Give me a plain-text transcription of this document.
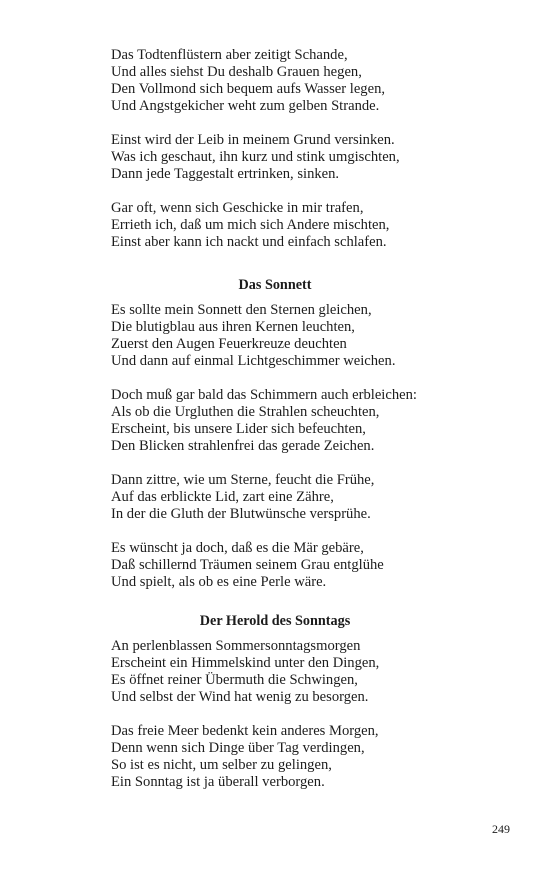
Das Todtenflüstern aber zeitigt Schande,
Und alles siehst Du deshalb Grauen hegen,
Den Vollmond sich bequem aufs Wasser legen,
Und Angstgekicher weht zum gelben Strande.
Einst wird der Leib in meinem Grund versinken.
Was ich geschaut, ihn kurz und stink umgischten,
Dann jede Taggestalt ertrinken, sinken.
Gar oft, wenn sich Geschicke in mir trafen,
Errieth ich, daß um mich sich Andere mischten,
Einst aber kann ich nackt und einfach schlafen.
Das Sonnett
Es sollte mein Sonnett den Sternen gleichen,
Die blutigblau aus ihren Kernen leuchten,
Zuerst den Augen Feuerkreuze deuchten
Und dann auf einmal Lichtgeschimmer weichen.
Doch muß gar bald das Schimmern auch erbleichen:
Als ob die Urgluthen die Strahlen scheuchten,
Erscheint, bis unsere Lider sich befeuchten,
Den Blicken strahlenfrei das gerade Zeichen.
Dann zittre, wie um Sterne, feucht die Frühe,
Auf das erblickte Lid, zart eine Zähre,
In der die Gluth der Blutwünsche versprühe.
Es wünscht ja doch, daß es die Mär gebäre,
Daß schillernd Träumen seinem Grau entglühe
Und spielt, als ob es eine Perle wäre.
Der Herold des Sonntags
An perlenblassen Sommersonntagsmorgen
Erscheint ein Himmelskind unter den Dingen,
Es öffnet reiner Übermuth die Schwingen,
Und selbst der Wind hat wenig zu besorgen.
Das freie Meer bedenkt kein anderes Morgen,
Denn wenn sich Dinge über Tag verdingen,
So ist es nicht, um selber zu gelingen,
Ein Sonntag ist ja überall verborgen.
249
